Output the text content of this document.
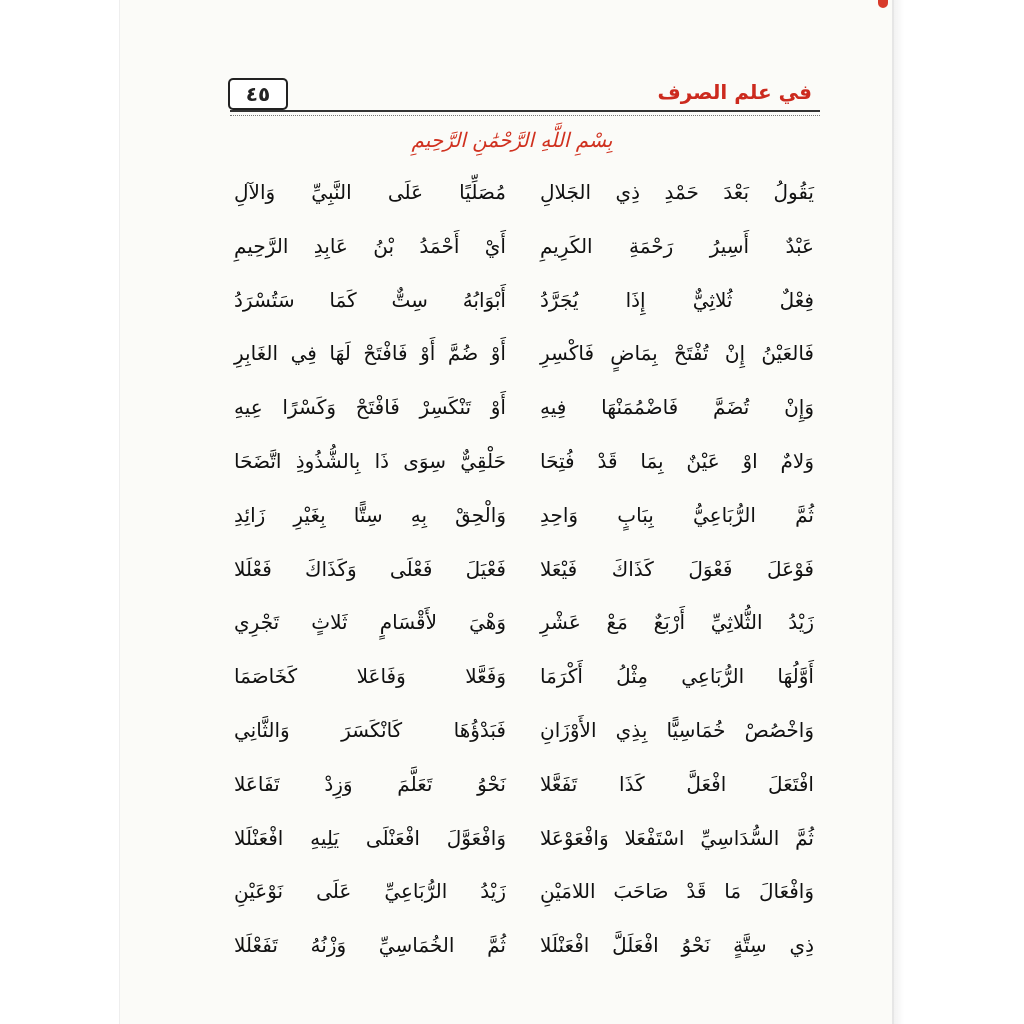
٤٥	في علم الصرف
بِسْمِ اللَّهِ الرَّحْمَٰنِ الرَّحِيمِ
يَقُولُ بَعْدَ حَمْدِ ذِي الجَلالِ
مُصَلِّيًا عَلَى النَّبِيِّ وَالآلِ
عَبْدٌ أَسِيرُ رَحْمَةِ الكَرِيمِ
أَيْ أَحْمَدُ بْنُ عَابِدِ الرَّحِيمِ
فِعْلٌ ثُلاثِيٌّ إِذَا يُجَرَّدُ
أَبْوَابُهُ سِتٌّ كَمَا سَتُسْرَدُ
فَالعَيْنُ إِنْ تُفْتَحْ بِمَاضٍ فَاكْسِرِ
أَوْ ضُمَّ أَوْ فَافْتَحْ لَهَا فِي الغَابِرِ
وَإِنْ تُضَمَّ فَاضْمُمَنْهَا فِيهِ
أَوْ تَنْكَسِرْ فَافْتَحْ وَكَسْرًا عِيهِ
وَلامٌ اوْ عَيْنٌ بِمَا قَدْ فُتِحَا
حَلْقِيٌّ سِوَى ذَا بِالشُّذُوذِ اتَّضَحَا
ثُمَّ الرُّبَاعِيُّ بِبَابٍ وَاحِدِ
وَالْحِقْ بِهِ سِتًّا بِغَيْرِ زَائِدِ
فَوْعَلَ فَعْوَلَ كَذَاكَ فَيْعَلا
فَعْيَلَ فَعْلَى وَكَذَاكَ فَعْلَلا
زَيْدُ الثُّلاثِيِّ أَرْبَعٌ مَعْ عَشْرِ
وَهْيَ لأَقْسَامٍ ثَلاثٍ تَجْرِي
أَوَّلُهَا الرُّبَاعِي مِثْلُ أَكْرَمَا
وَفَعَّلا وَفَاعَلا كَخَاصَمَا
وَاخْصُصْ خُمَاسِيًّا بِذِي الأَوْزَانِ
فَبَدْؤُهَا كَانْكَسَرَ وَالثَّانِي
افْتَعَلَ افْعَلَّ كَذَا تَفَعَّلا
نَحْوُ تَعَلَّمَ وَزِدْ تَفَاعَلا
ثُمَّ السُّدَاسِيِّ اسْتَفْعَلا وَافْعَوْعَلا
وَافْعَوَّلَ افْعَنْلَى يَلِيهِ افْعَنْلَلا
وَافْعَالَ مَا قَدْ صَاحَبَ اللامَيْنِ
زَيْدُ الرُّبَاعِيِّ عَلَى نَوْعَيْنِ
ذِي سِتَّةٍ نَحْوُ افْعَلَلَّ افْعَنْلَلا
ثُمَّ الخُمَاسِيِّ وَزْنُهُ تَفَعْلَلا
